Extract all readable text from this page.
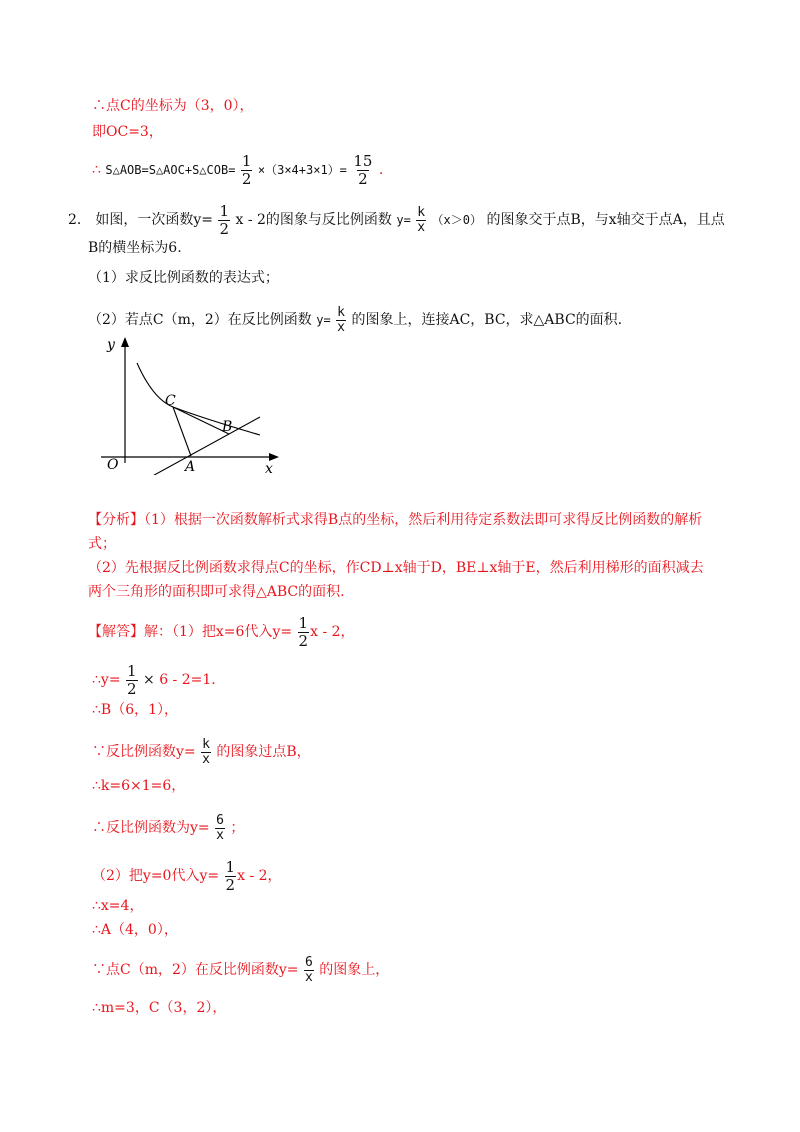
∴点C的坐标为（3，0），
即OC=3，
∴ S△AOB=S△AOC+S△COB= $\frac{1}{2} \times(3\times 4+3\times 1)= \frac{15}{2}$ .
2． 如图，一次函数$y= \frac{1}{2}$ x - 2的图象与反比例函数 $y= \frac{k}{x} (x>0)$ 的图象交于点B，与x轴交于点A，且点
B的横坐标为6.
（1）求反比例函数的表达式；
（2）若点C（m，2）在反比例函数 $y= \frac{k}{x}$ 的图象上，连接AC，BC，求△ABC的面积.
y
x
O	A
B
C
【分析】（1）根据一次函数解析式求得B点的坐标，然后利用待定系数法即可求得反比例函数的解析
式；
（2）先根据反比例函数求得点C的坐标，作CD⊥x轴于D，BE⊥x轴于E，然后利用梯形的面积减去
两个三角形的面积即可求得△ABC的面积.
【解答】解：（1）把x=6代入$y= \frac{1}{2}$ x - 2，
∴y= $\frac{1}{2} \times 6 - 2=1$.
∴B（6，1），
∵反比例函数$y= \frac{k}{x}$ 的图象过点B，
∴k=6×1=6，
∴反比例函数为$y= \frac{6}{x}$ ；
（2）把y=0代入$y= \frac{1}{2}$ x - 2，
∴x=4，
∴A（4，0），
∵点C（m，2）在反比例函数$y= \frac{6}{x}$ 的图象上，
∴m=3，C（3，2），
